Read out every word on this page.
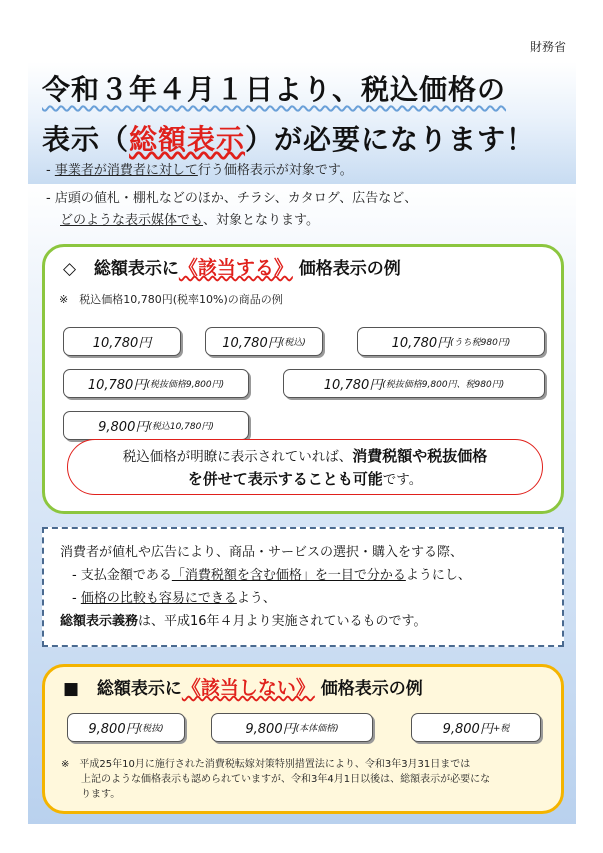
財務省
令和３年４月１日より、税込価格の
表示（総額表示）が必要になります！
- 事業者が消費者に対して行う価格表示が対象です。
- 店頭の値札・棚札などのほか、チラシ、カタログ、広告など、
どのような表示媒体でも、対象となります。
◇ 総額表示に《該当する》 価格表示の例
※　税込価格10,780円(税率10%)の商品の例
10,780円	10,780円 (税込)	10,780円 (うち税980円)
10,780円 (税抜価格9,800円)	10,780円 (税抜価格9,800円、税980円)
9,800円 (税込10,780円)
税込価格が明瞭に表示されていれば、消費税額や税抜価格
を併せて表示することも可能です。
消費者が値札や広告により、商品・サービスの選択・購入をする際、
- 支払金額である「消費税額を含む価格」を一目で分かるようにし、
- 価格の比較も容易にできるよう、
総額表示義務は、平成16年４月より実施されているものです。
■ 総額表示に《該当しない》 価格表示の例
9,800円 (税抜)	9,800円 (本体価格)	9,800円 +税
※　平成25年10月に施行された消費税転嫁対策特別措置法により、令和3年3月31日までは
上記のような価格表示も認められていますが、令和3年4月1日以後は、総額表示が必要にな
ります。
